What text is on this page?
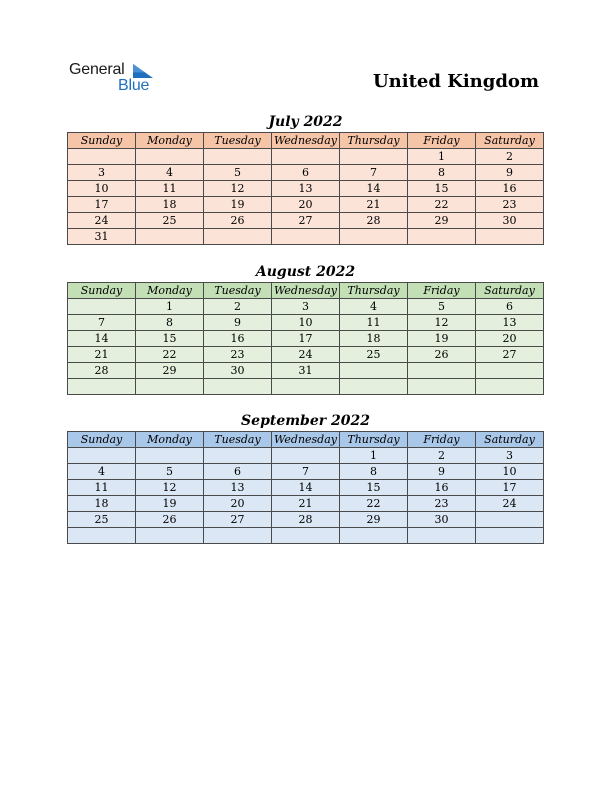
General
Blue	United Kingdom
July 2022
Sunday	Monday	Tuesday	Wednesday	Thursday	Friday	Saturday
					1	2
3	4	5	6	7	8	9
10	11	12	13	14	15	16
17	18	19	20	21	22	23
24	25	26	27	28	29	30
31						
August 2022
Sunday	Monday	Tuesday	Wednesday	Thursday	Friday	Saturday
	1	2	3	4	5	6
7	8	9	10	11	12	13
14	15	16	17	18	19	20
21	22	23	24	25	26	27
28	29	30	31			

September 2022
Sunday	Monday	Tuesday	Wednesday	Thursday	Friday	Saturday
				1	2	3
4	5	6	7	8	9	10
11	12	13	14	15	16	17
18	19	20	21	22	23	24
25	26	27	28	29	30	
